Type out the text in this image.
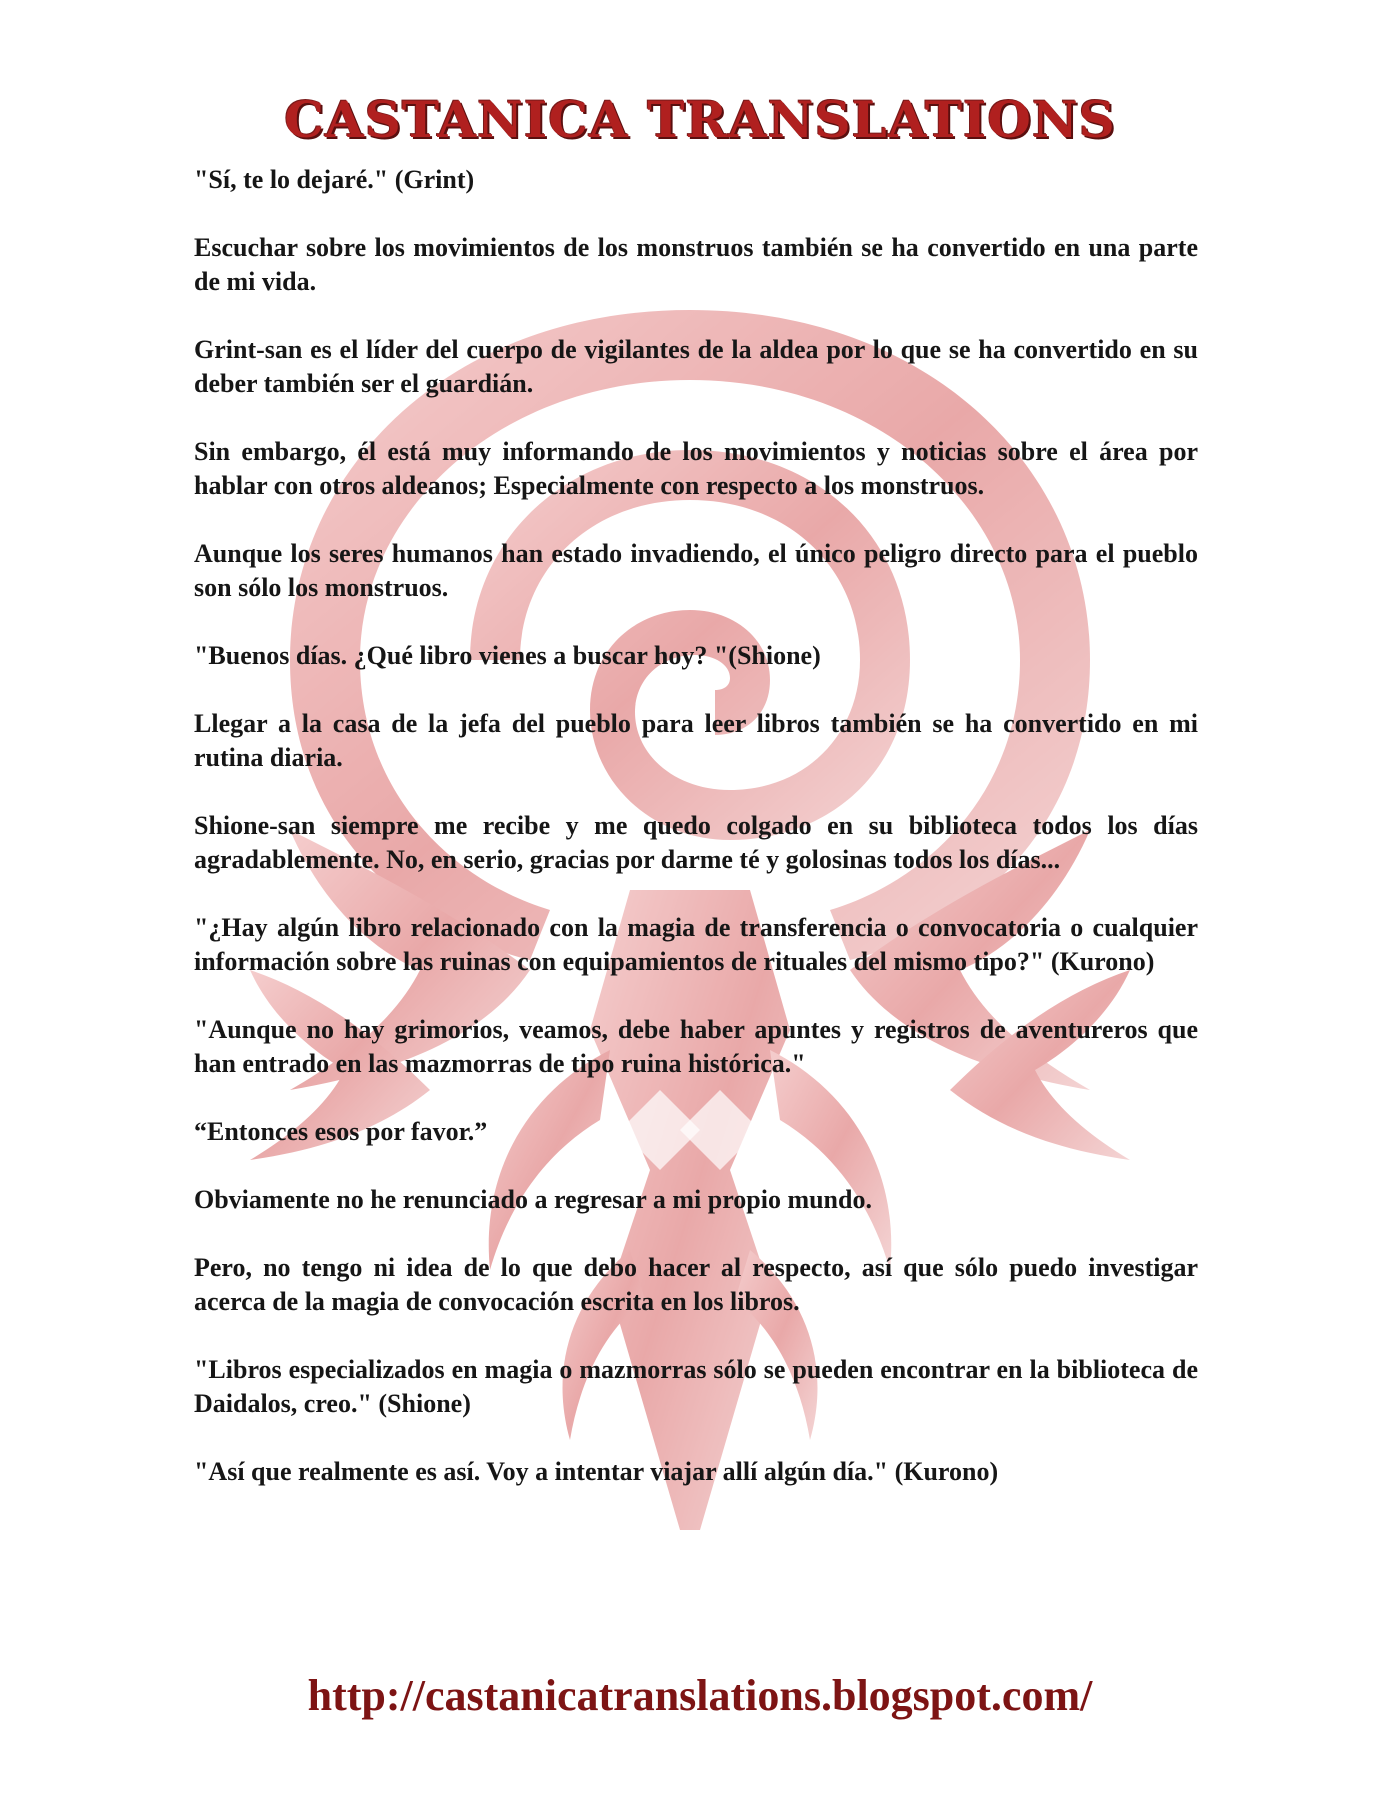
CASTANICA TRANSLATIONS

"Sí, te lo dejaré." (Grint)

Escuchar sobre los movimientos de los monstruos también se ha convertido en una parte de mi vida.

Grint-san es el líder del cuerpo de vigilantes de la aldea por lo que se ha convertido en su deber también ser el guardián.

Sin embargo, él está muy informando de los movimientos y noticias sobre el área por hablar con otros aldeanos; Especialmente con respecto a los monstruos.

Aunque los seres humanos han estado invadiendo, el único peligro directo para el pueblo son sólo los monstruos.

"Buenos días. ¿Qué libro vienes a buscar hoy? "(Shione)

Llegar a la casa de la jefa del pueblo para leer libros también se ha convertido en mi rutina diaria.

Shione-san siempre me recibe y me quedo colgado en su biblioteca todos los días agradablemente. No, en serio, gracias por darme té y golosinas todos los días...

"¿Hay algún libro relacionado con la magia de transferencia o convocatoria o cualquier información sobre las ruinas con equipamientos de rituales del mismo tipo?" (Kurono)

"Aunque no hay grimorios, veamos, debe haber apuntes y registros de aventureros que han entrado en las mazmorras de tipo ruina histórica."

“Entonces esos por favor.”

Obviamente no he renunciado a regresar a mi propio mundo.

Pero, no tengo ni idea de lo que debo hacer al respecto, así que sólo puedo investigar acerca de la magia de convocación escrita en los libros.

"Libros especializados en magia o mazmorras sólo se pueden encontrar en la biblioteca de Daidalos, creo." (Shione)

"Así que realmente es así. Voy a intentar viajar allí algún día." (Kurono)

http://castanicatranslations.blogspot.com/
